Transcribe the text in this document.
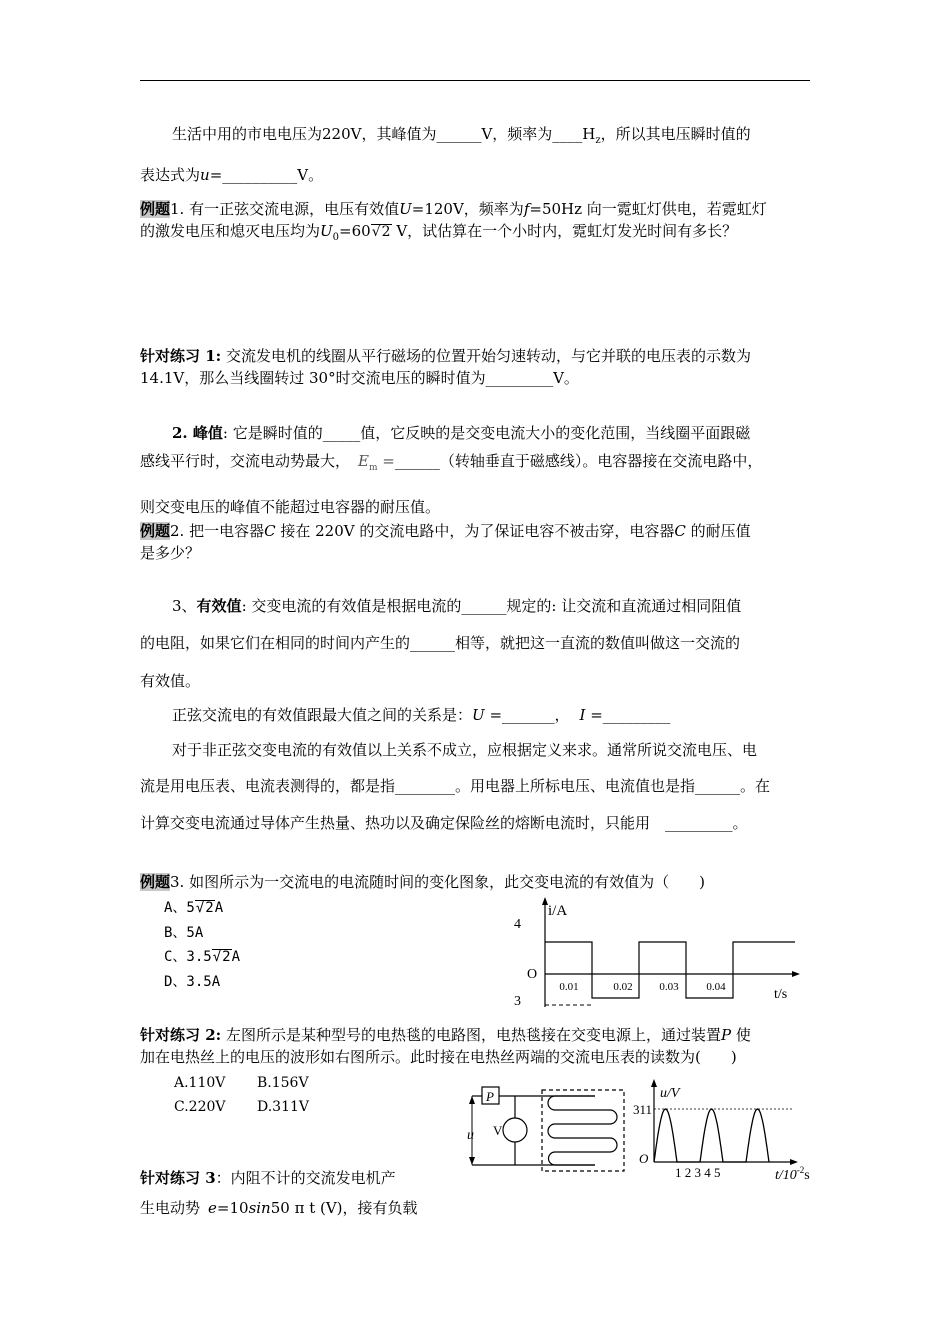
生活中用的市电电压为220V，其峰值为______V，频率为$\_\_\_\_H_z$，所以其电压瞬时值的

表达式为u=__________V。

例题1. 有一正弦交流电源，电压有效值U=120V，频率为f=50Hz 向一霓虹灯供电，若霓虹灯
的激发电压和熄灭电压均为$U_0=60√$ 2 V，试估算在一个小时内，霓虹灯发光时间有多长？

针对练习 1: 交流发电机的线圈从平行磁场的位置开始匀速转动，与它并联的电压表的示数为
14.1V，那么当线圈转过 30°时交流电压的瞬时值为_________V。

2. 峰值: 它是瞬时值的_____值，它反映的是交变电流大小的变化范围，当线圈平面跟磁

感线平行时，交流电动势最大， $E_m$ =______（转轴垂直于磁感线）。电容器接在交流电路中，

则交变电压的峰值不能超过电容器的耐压值。

例题2. 把一电容器C 接在 220V 的交流电路中，为了保证电容不被击穿，电容器C 的耐压值
是多少？

3、有效值: 交变电流的有效值是根据电流的______规定的: 让交流和直流通过相同阻值

的电阻，如果它们在相同的时间内产生的______相等，就把这一直流的数值叫做这一交流的

有效值。

正弦交流电的有效值跟最大值之间的关系是：U =_______， I =_________

对于非正弦交变电流的有效值以上关系不成立，应根据定义来求。通常所说交流电压、电

流是用电压表、电流表测得的，都是指________。用电器上所标电压、电流值也是指______。在

计算交变电流通过导体产生热量、热功以及确定保险丝的熔断电流时，只能用　_________。

例题3. 如图所示为一交流电的电流随时间的变化图象，此交变电流的有效值为（　　)

A、5√ 2A
B、5A
C、3.5√ 2A
D、3.5A
i/A
4
3
O
t/s
0.01	0.02 0.03	0.04

针对练习 2: 左图所示是某种型号的电热毯的电路图，电热毯接在交变电源上，通过装置P 使
加在电热丝上的电压的波形如右图所示。此时接在电热丝两端的交流电压表的读数为(　　)

A.110V B.156V
C.220V D.311V
P
u V
u/V
311
O
1 2 3 4 5	$t/10^{-2}s$

针对练习 3：内阻不计的交流发电机产
生电动势 e=10sin50 π t (V)，接有负载
